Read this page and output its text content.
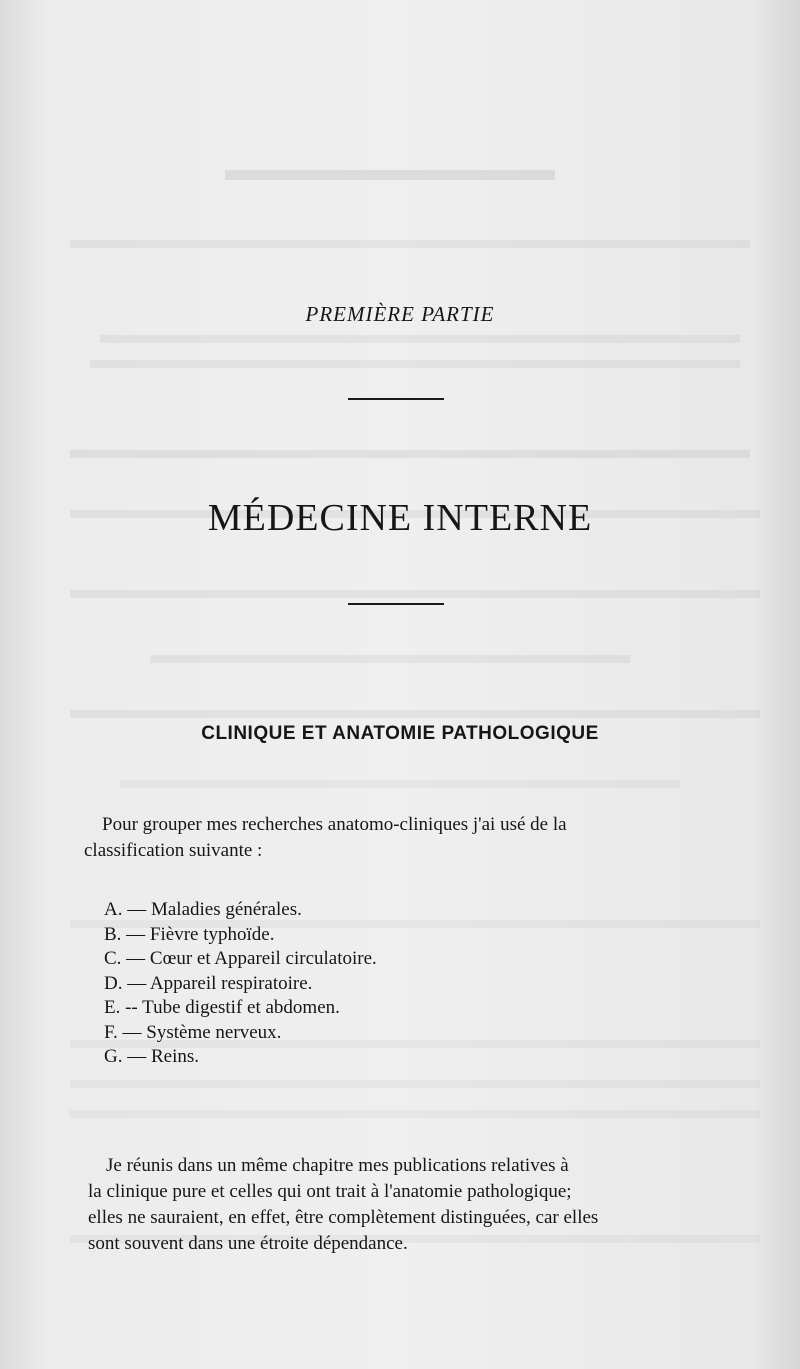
PREMIÈRE PARTIE
MÉDECINE INTERNE
CLINIQUE ET ANATOMIE PATHOLOGIQUE
Pour grouper mes recherches anatomo-cliniques j'ai usé de la
classification suivante :
A. — Maladies générales.
B. — Fièvre typhoïde.
C. — Cœur et Appareil circulatoire.
D. — Appareil respiratoire.
E. -- Tube digestif et abdomen.
F. — Système nerveux.
G. — Reins.

Je réunis dans un même chapitre mes publications relatives à

la clinique pure et celles qui ont trait à l'anatomie pathologique;

elles ne sauraient, en effet, être complètement distinguées, car elles

sont souvent dans une étroite dépendance.
